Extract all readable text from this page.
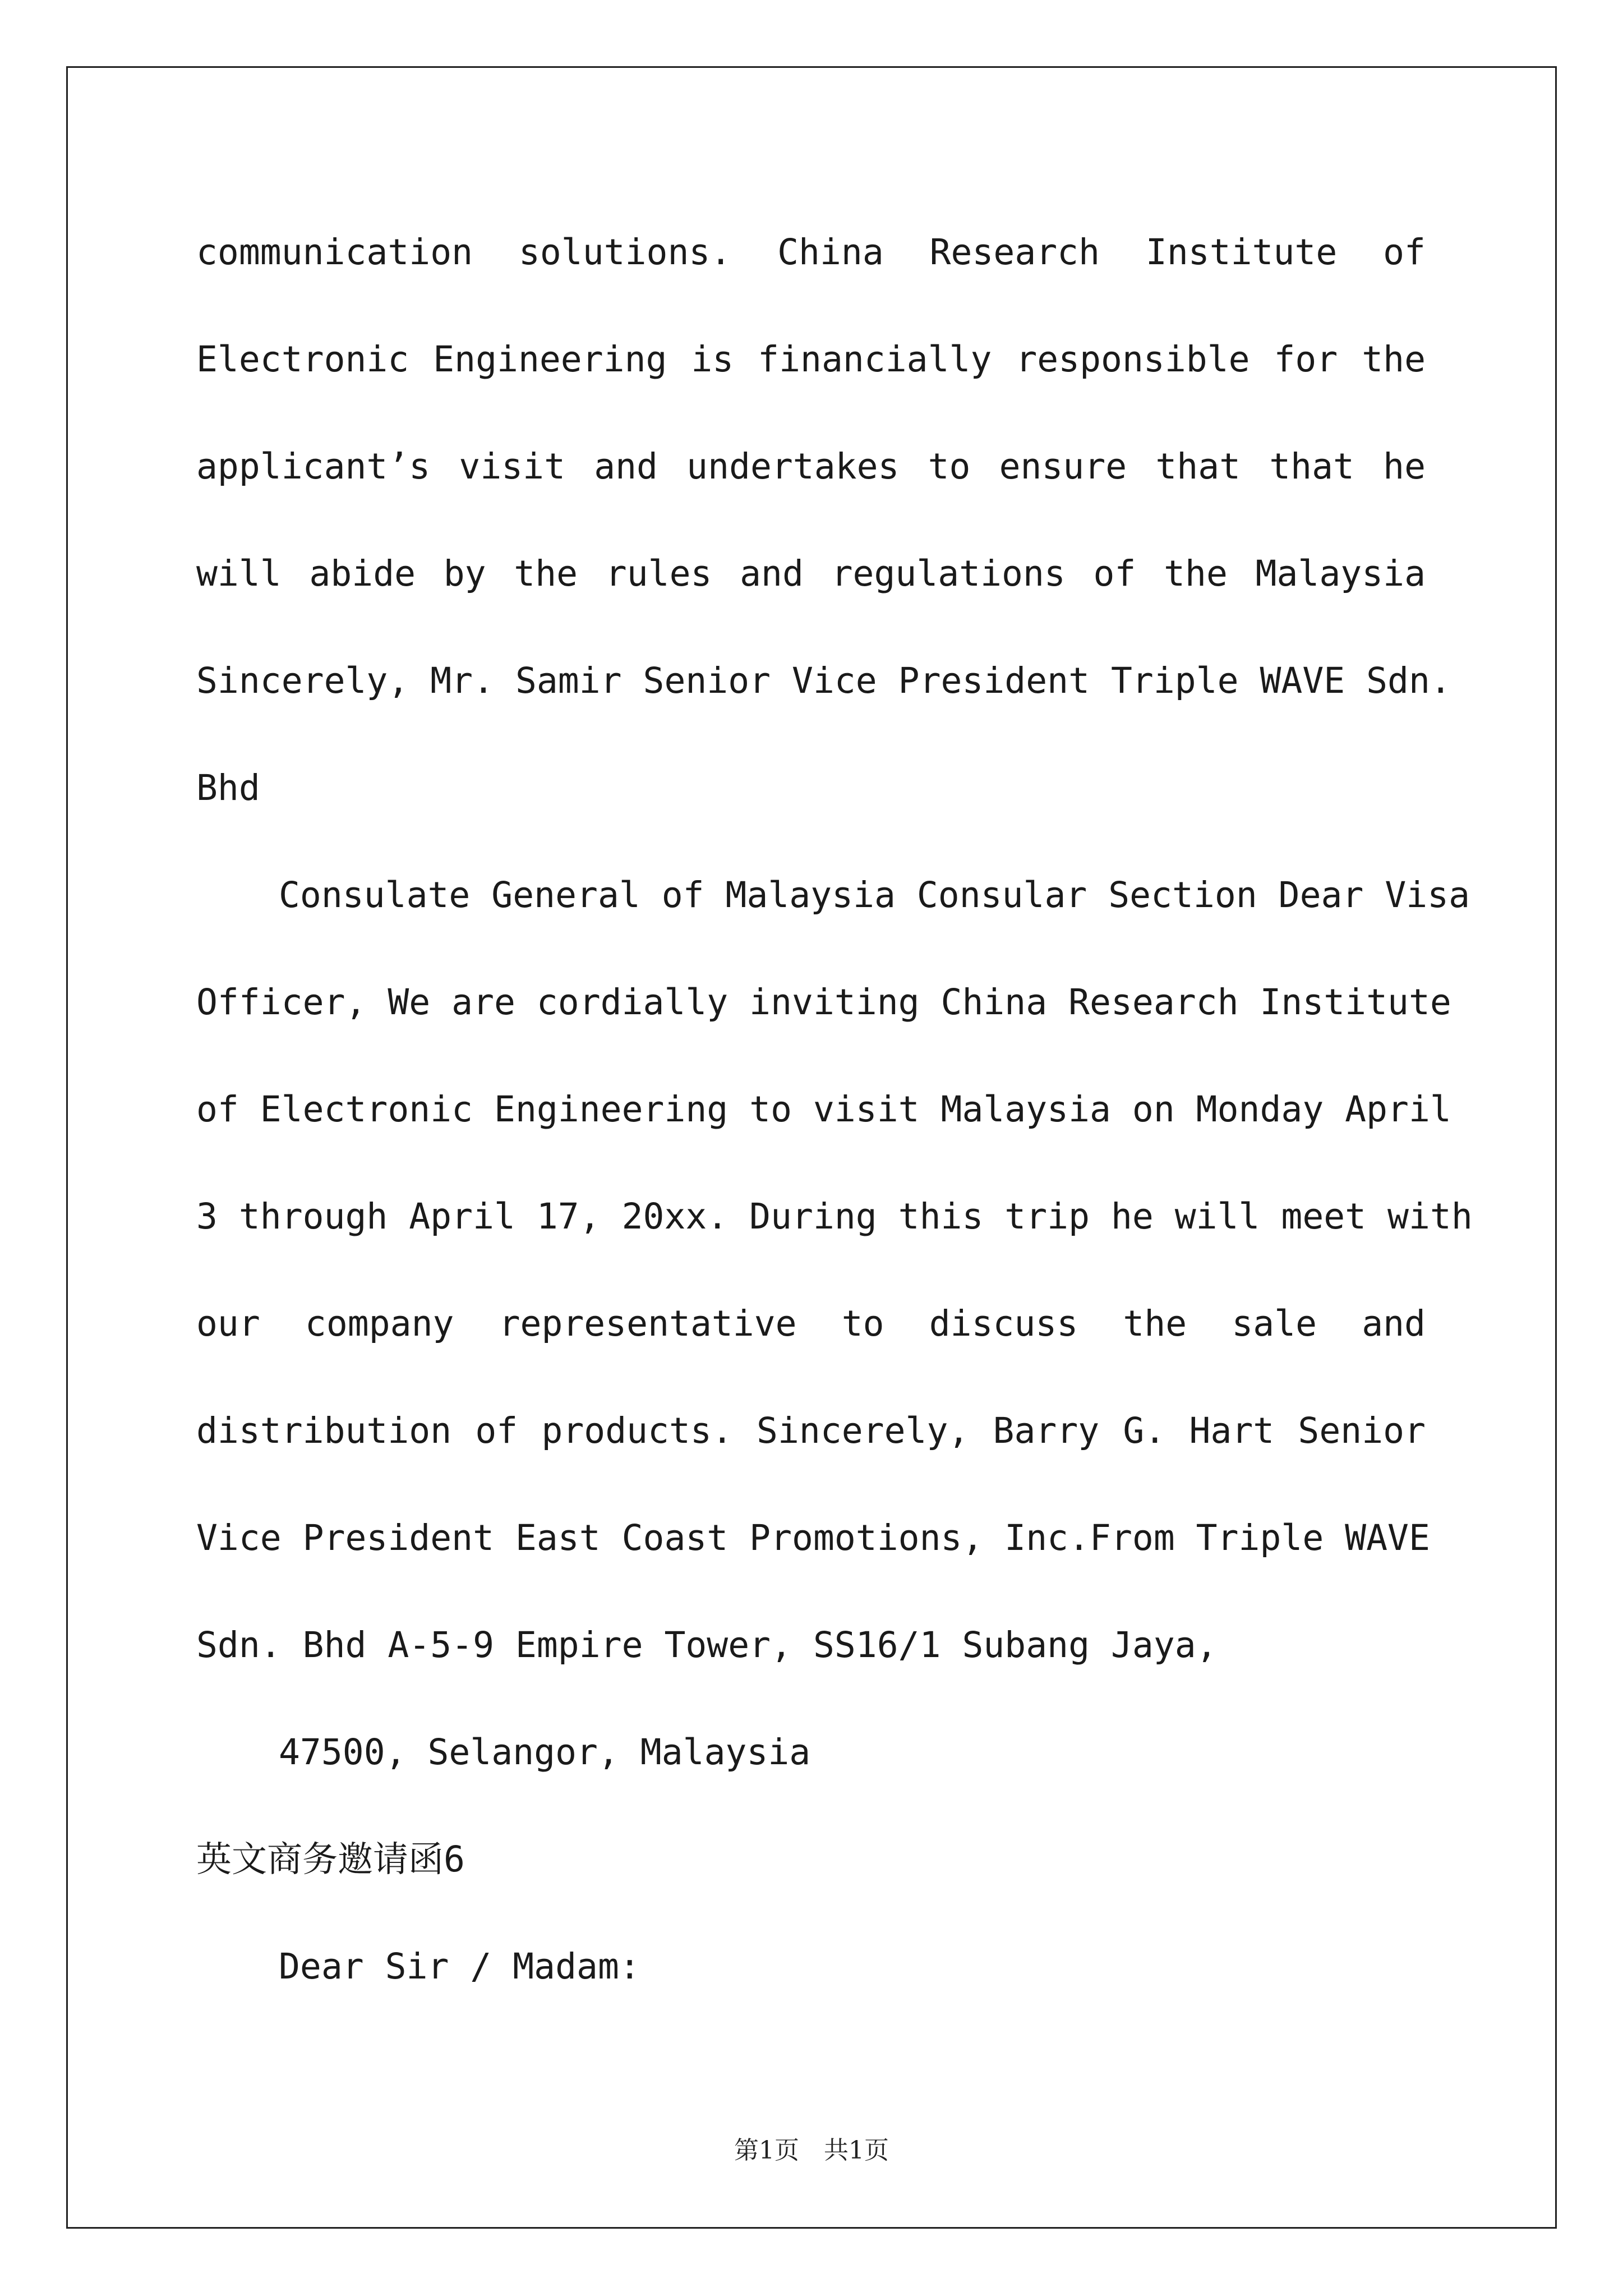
communication solutions. China Research Institute of
Electronic Engineering is financially responsible for the
applicant’s visit and undertakes to ensure that that he
will abide by the rules and regulations of the Malaysia
Sincerely, Mr. Samir Senior Vice President Triple WAVE Sdn.
Bhd
Consulate General of Malaysia Consular Section Dear Visa
Officer, We are cordially inviting China Research Institute
of Electronic Engineering to visit Malaysia on Monday April
3 through April 17, 20xx. During this trip he will meet with
our company representative to discuss the sale and
distribution of products. Sincerely, Barry G. Hart Senior
Vice President East Coast Promotions, Inc.From Triple WAVE
Sdn. Bhd A-5-9 Empire Tower, SS16/1 Subang Jaya,
47500, Selangor, Malaysia
英文商务邀请函6
Dear Sir / Madam:
第1页　共1页
